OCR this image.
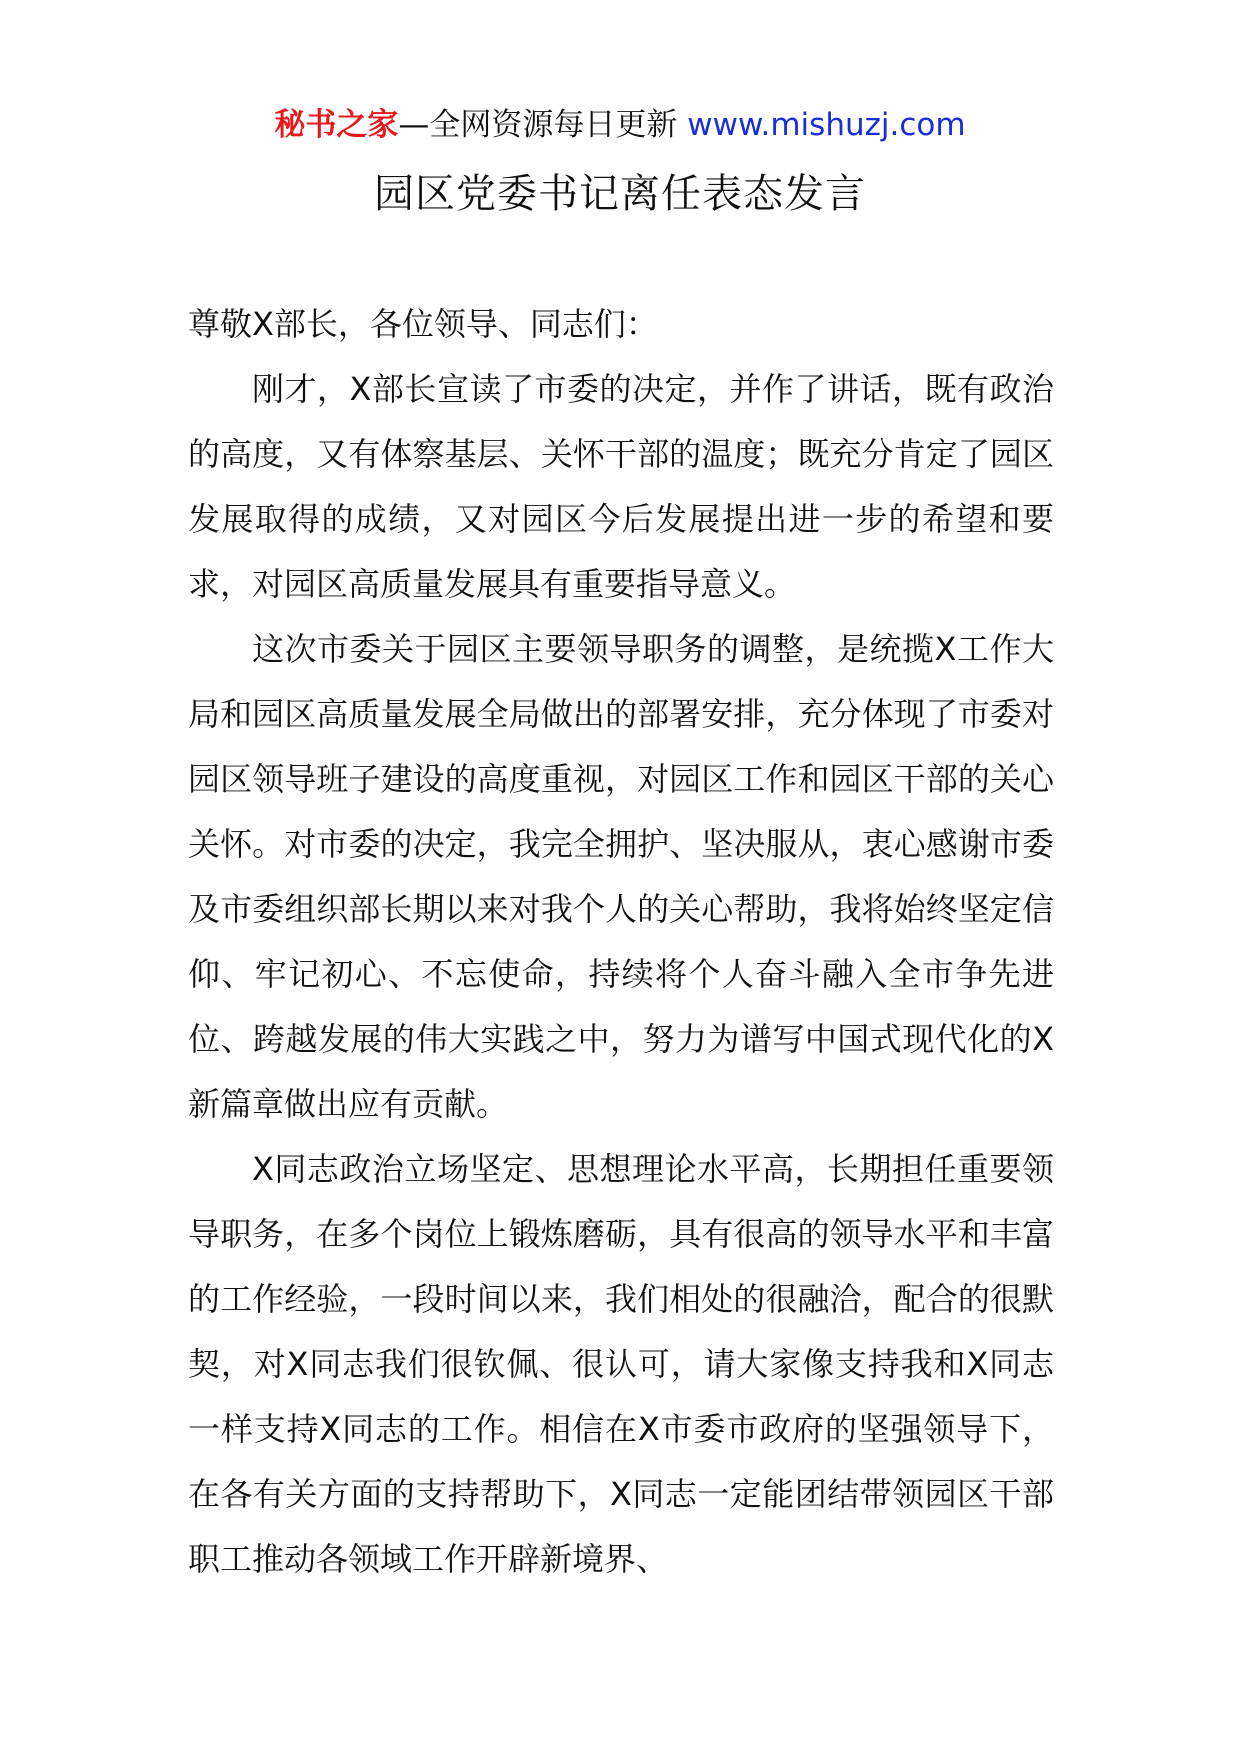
秘书之家—全网资源每日更新 www.mishuzj.com
园区党委书记离任表态发言

尊敬X部长，各位领导、同志们：

刚才，X部长宣读了市委的决定，并作了讲话，既有政治的高度，又有体察基层、关怀干部的温度；既充分肯定了园区发展取得的成绩，又对园区今后发展提出进一步的希望和要求，对园区高质量发展具有重要指导意义。

这次市委关于园区主要领导职务的调整，是统揽X工作大局和园区高质量发展全局做出的部署安排，充分体现了市委对园区领导班子建设的高度重视，对园区工作和园区干部的关心关怀。对市委的决定，我完全拥护、坚决服从，衷心感谢市委及市委组织部长期以来对我个人的关心帮助，我将始终坚定信仰、牢记初心、不忘使命，持续将个人奋斗融入全市争先进位、跨越发展的伟大实践之中，努力为谱写中国式现代化的X新篇章做出应有贡献。

X同志政治立场坚定、思想理论水平高，长期担任重要领导职务，在多个岗位上锻炼磨砺，具有很高的领导水平和丰富的工作经验，一段时间以来，我们相处的很融洽，配合的很默契，对X同志我们很钦佩、很认可，请大家像支持我和X同志一样支持X同志的工作。相信在X市委市政府的坚强领导下，在各有关方面的支持帮助下，X同志一定能团结带领园区干部职工推动各领域工作开辟新境界、
